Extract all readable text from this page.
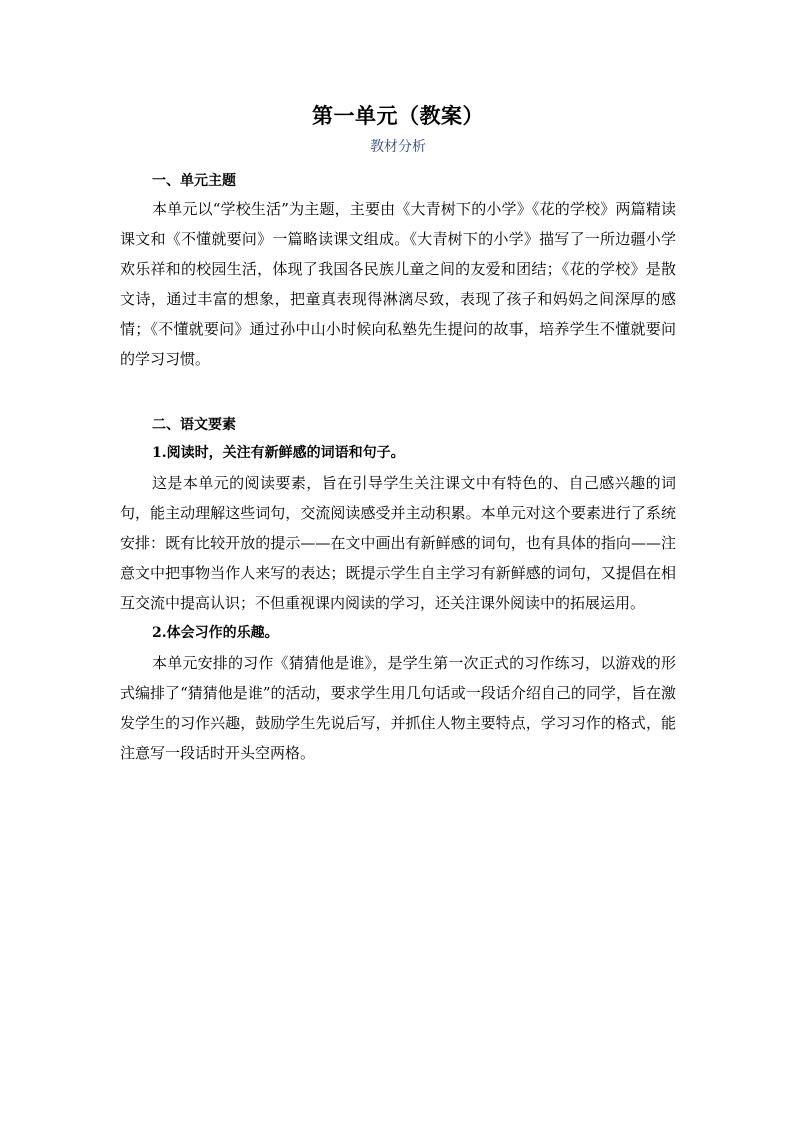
第一单元（教案）
教材分析
一、单元主题

本单元以“学校生活”为主题，主要由《大青树下的小学》《花的学校》两篇精读课文和《不懂就要问》一篇略读课文组成。《大青树下的小学》描写了一所边疆小学欢乐祥和的校园生活，体现了我国各民族儿童之间的友爱和团结；《花的学校》是散文诗，通过丰富的想象，把童真表现得淋漓尽致，表现了孩子和妈妈之间深厚的感情；《不懂就要问》通过孙中山小时候向私塾先生提问的故事，培养学生不懂就要问的学习习惯。

二、语文要素
1.阅读时，关注有新鲜感的词语和句子。

这是本单元的阅读要素，旨在引导学生关注课文中有特色的、自己感兴趣的词句，能主动理解这些词句，交流阅读感受并主动积累。本单元对这个要素进行了系统安排：既有比较开放的提示——在文中画出有新鲜感的词句，也有具体的指向——注意文中把事物当作人来写的表达；既提示学生自主学习有新鲜感的词句，又提倡在相互交流中提高认识；不但重视课内阅读的学习，还关注课外阅读中的拓展运用。

2.体会习作的乐趣。

本单元安排的习作《猜猜他是谁》，是学生第一次正式的习作练习，以游戏的形式编排了“猜猜他是谁”的活动，要求学生用几句话或一段话介绍自己的同学，旨在激发学生的习作兴趣，鼓励学生先说后写，并抓住人物主要特点，学习习作的格式，能注意写一段话时开头空两格。
